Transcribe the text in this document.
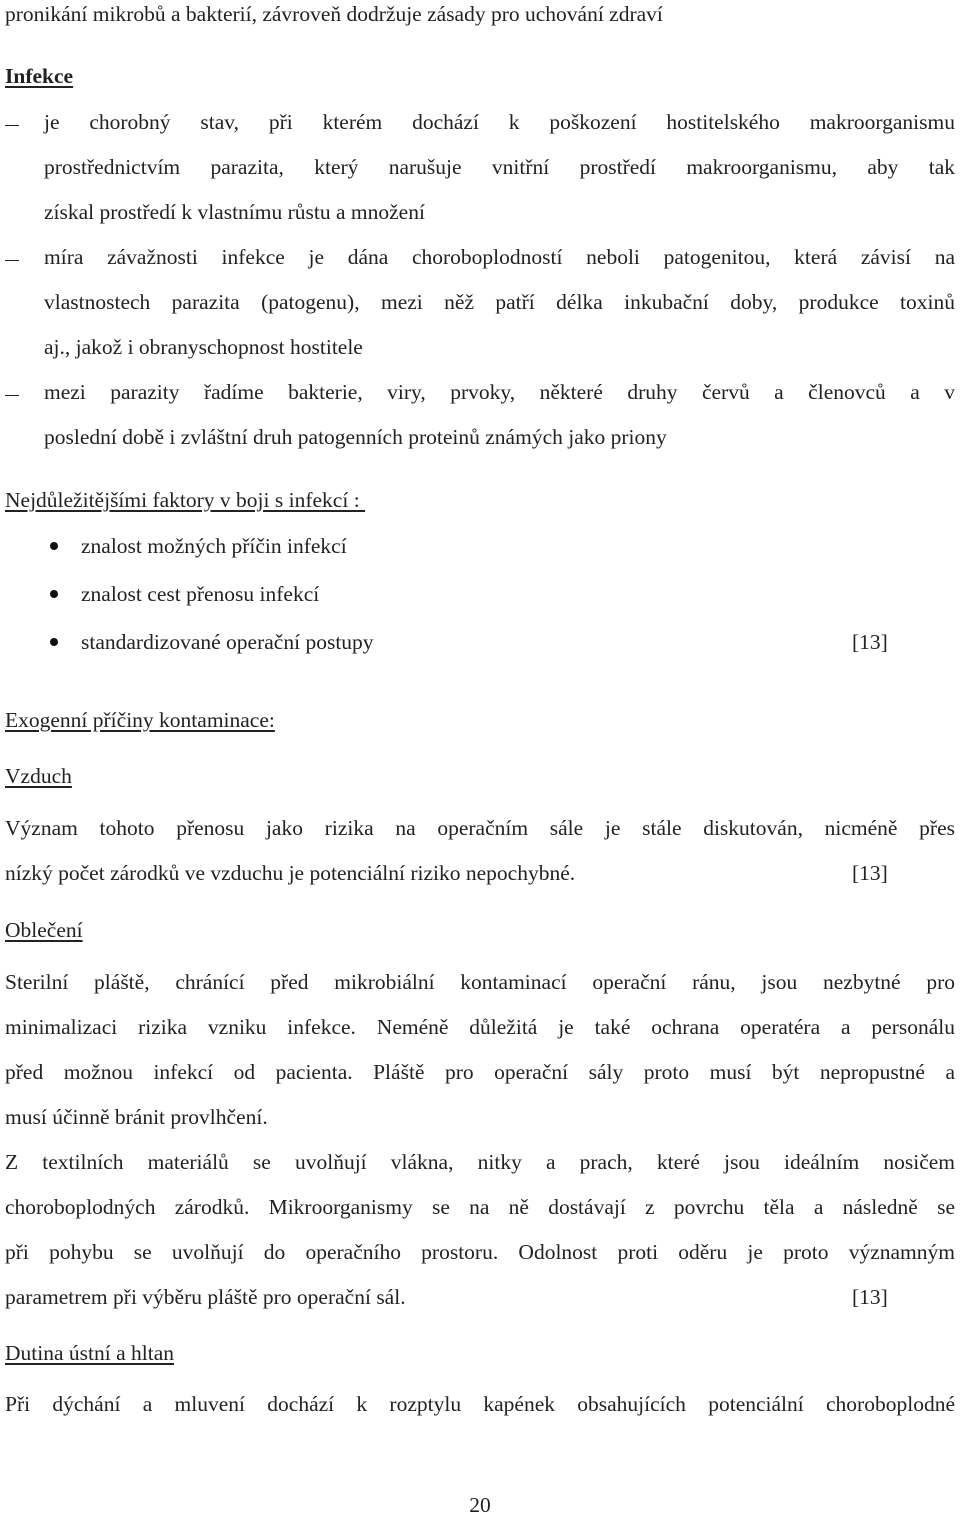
pronikání mikrobů a bakterií, závroveň dodržuje zásady pro uchování zdraví
Infekce
je chorobný stav, při kterém dochází k poškození hostitelského makroorganismu
prostřednictvím parazita, který narušuje vnitřní prostředí makroorganismu, aby tak
získal prostředí k vlastnímu růstu a množení
míra závažnosti infekce je dána choroboplodností neboli patogenitou, která závisí na
vlastnostech parazita (patogenu), mezi něž patří délka inkubační doby, produkce toxinů
aj., jakož i obranyschopnost hostitele
mezi parazity řadíme bakterie, viry, prvoky, některé druhy červů a členovců a v
poslední době i zvláštní druh patogenních proteinů známých jako priony
Nejdůležitějšími faktory v boji s infekcí :
znalost možných příčin infekcí
znalost cest přenosu infekcí
standardizované operační postupy	[13]
Exogenní příčiny kontaminace:
Vzduch
Význam tohoto přenosu jako rizika na operačním sále je stále diskutován, nicméně přes
nízký počet zárodků ve vzduchu je potenciální riziko nepochybné.	[13]
Oblečení
Sterilní pláště, chránící před mikrobiální kontaminací operační ránu, jsou nezbytné pro
minimalizaci rizika vzniku infekce. Neméně důležitá je také ochrana operatéra a personálu
před možnou infekcí od pacienta. Pláště pro operační sály proto musí být nepropustné a
musí účinně bránit provlhčení.
Z textilních materiálů se uvolňují vlákna, nitky a prach, které jsou ideálním nosičem
choroboplodných zárodků. Mikroorganismy se na ně dostávají z povrchu těla a následně se
při pohybu se uvolňují do operačního prostoru. Odolnost proti oděru je proto významným
parametrem při výběru pláště pro operační sál.	[13]
Dutina ústní a hltan
Při dýchání a mluvení dochází k rozptylu kapének obsahujících potenciální choroboplodné
20
